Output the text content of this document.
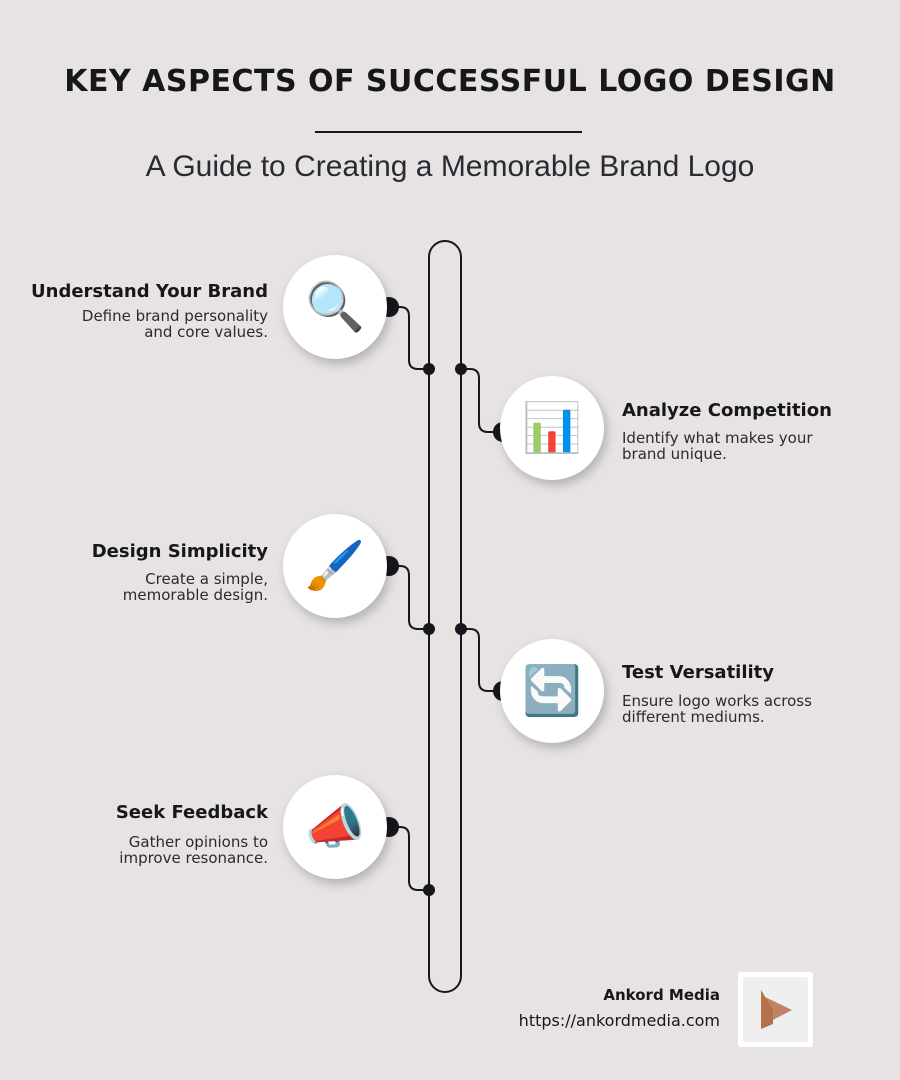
KEY ASPECTS OF SUCCESSFUL LOGO DESIGN
A Guide to Creating a Memorable Brand Logo
🔍
Understand Your Brand
Define brand personality
and core values.
📊	Analyze Competition
Identify what makes your
brand unique.
🖌️
Design Simplicity
Create a simple,
memorable design.
🔄	Test Versatility
Ensure logo works across
different mediums.
📣
Seek Feedback
Gather opinions to
improve resonance.
Ankord Media
https://ankordmedia.com
